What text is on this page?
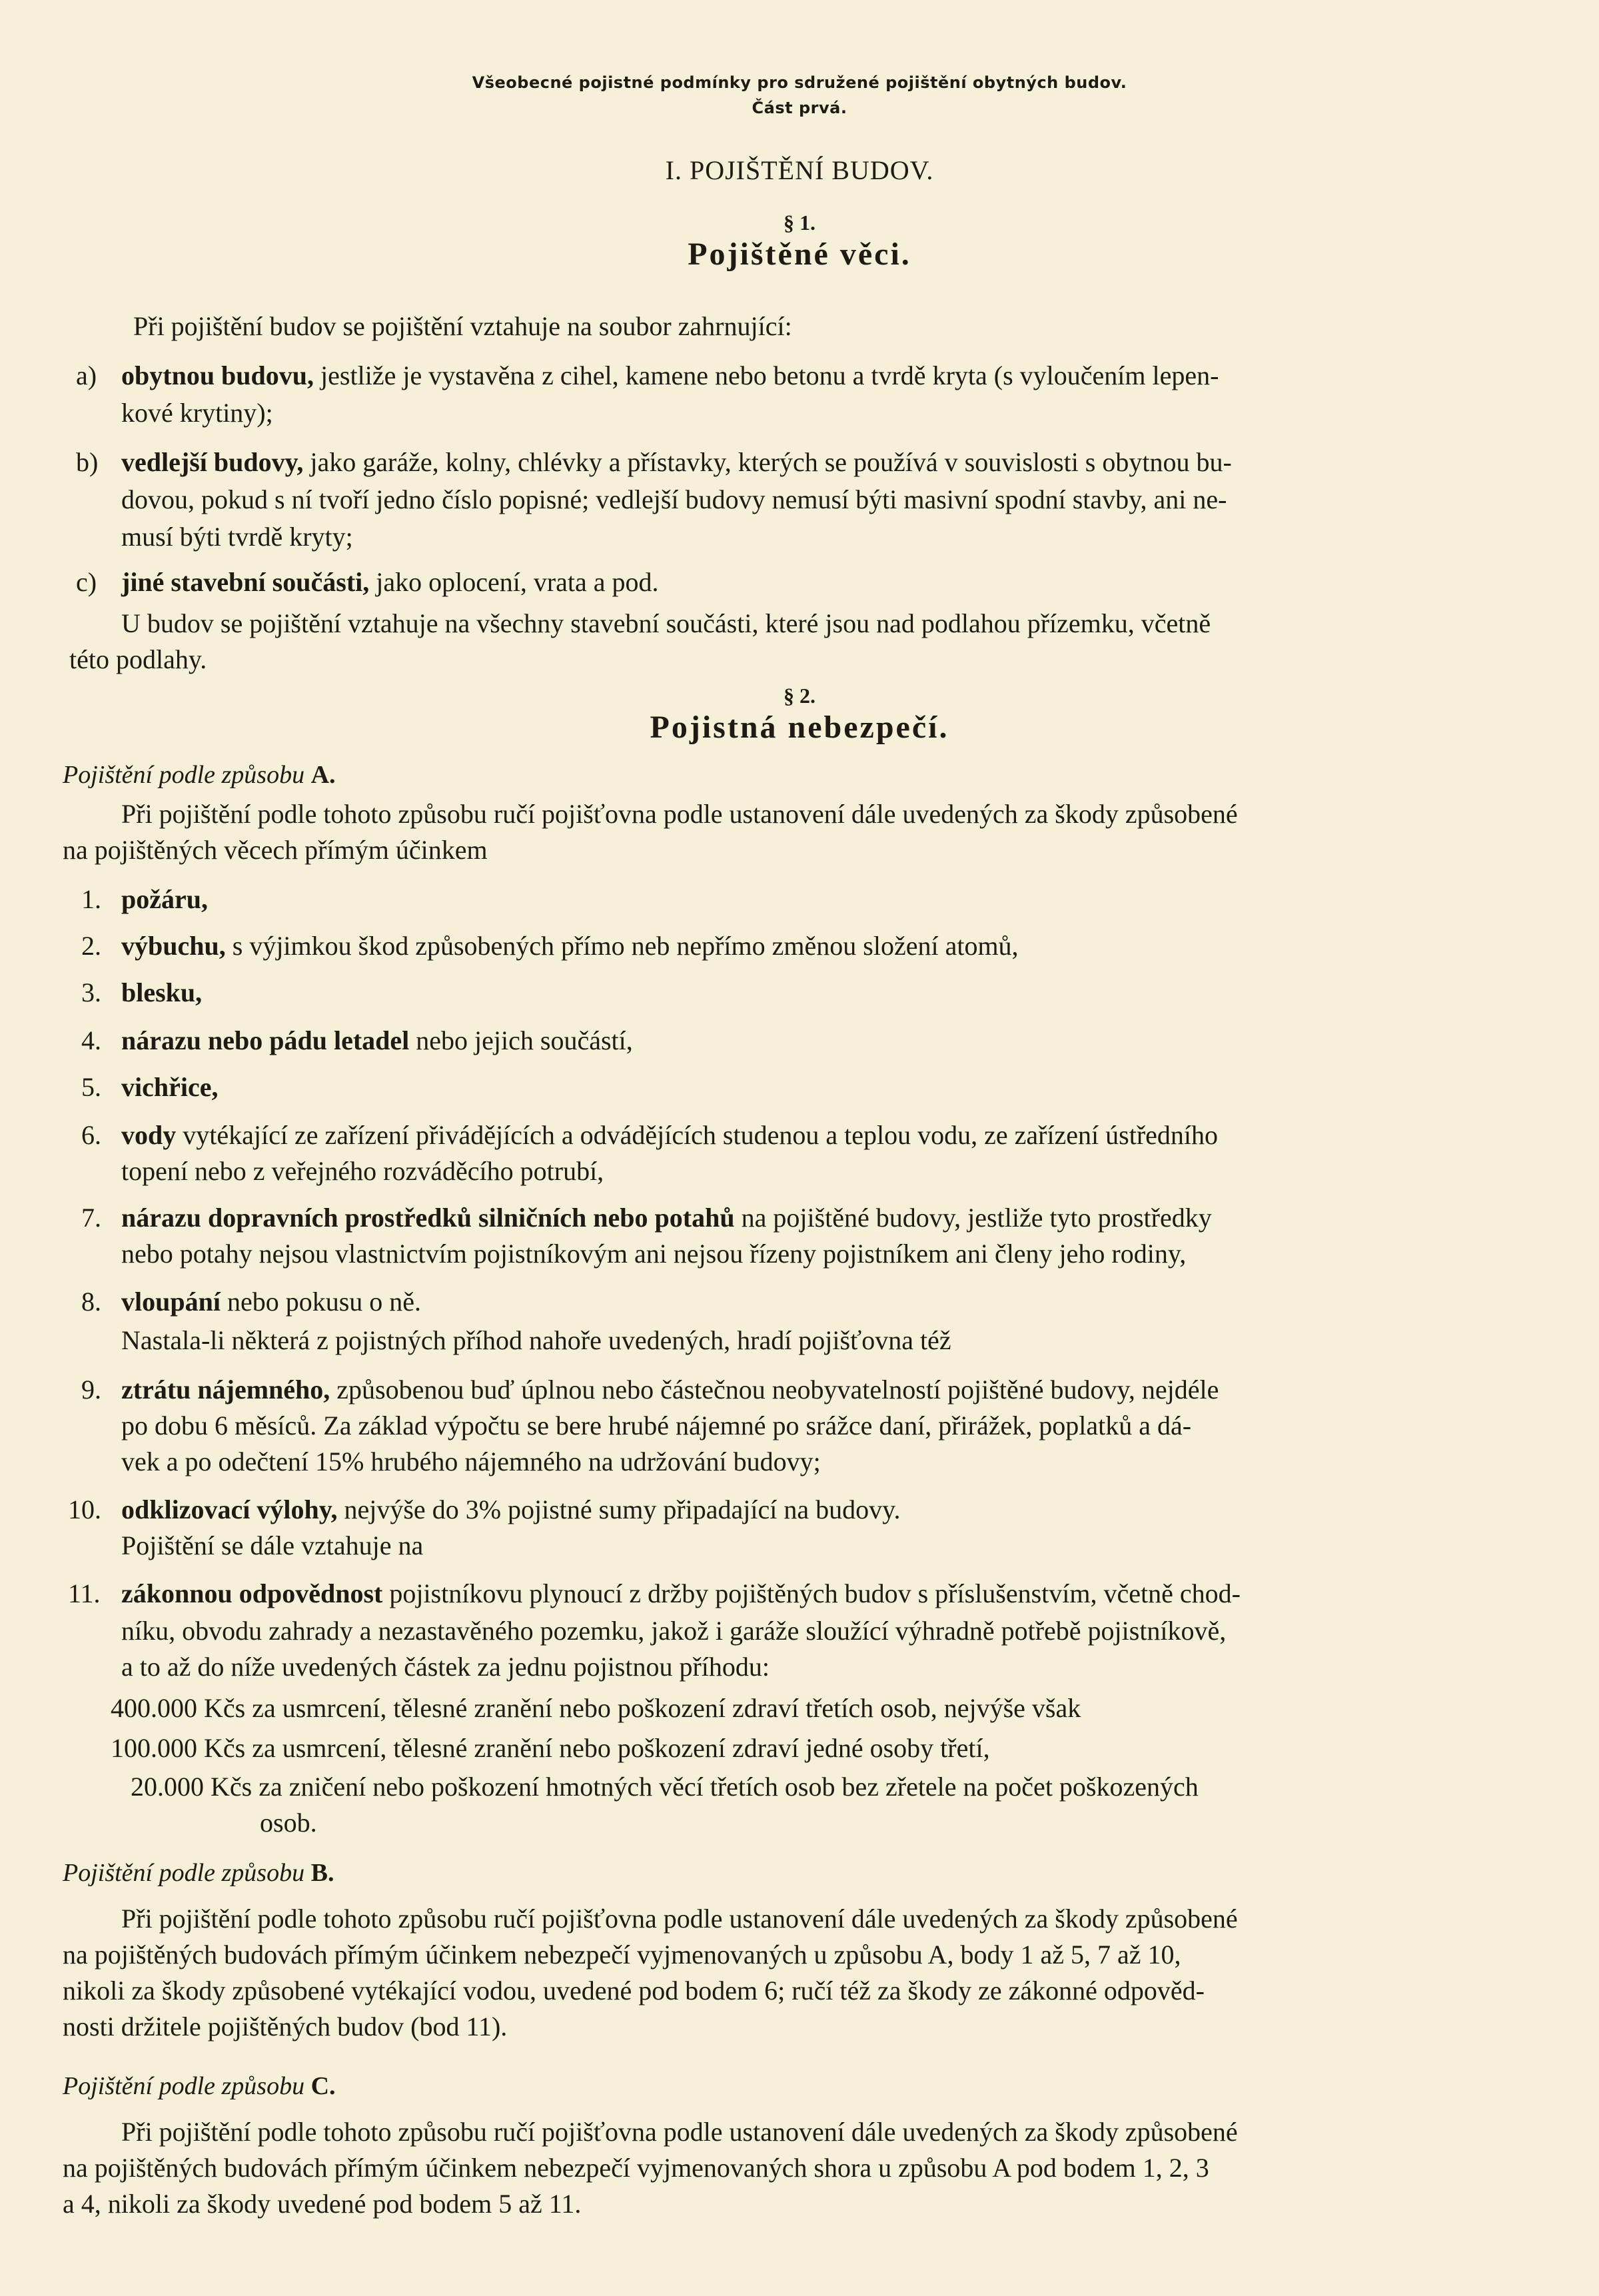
Všeobecné pojistné podmínky pro sdružené pojištění obytných budov.
Část prvá.
I. POJIŠTĚNÍ BUDOV.
§ 1.
Pojištěné věci.
Při pojištění budov se pojištění vztahuje na soubor zahrnující:
a) obytnou budovu, jestliže je vystavěna z cihel, kamene nebo betonu a tvrdě kryta (s vyloučením lepen-
kové krytiny);
b) vedlejší budovy, jako garáže, kolny, chlévky a přístavky, kterých se používá v souvislosti s obytnou bu-
dovou, pokud s ní tvoří jedno číslo popisné; vedlejší budovy nemusí býti masivní spodní stavby, ani ne-
musí býti tvrdě kryty;
c) jiné stavební součásti, jako oplocení, vrata a pod.
U budov se pojištění vztahuje na všechny stavební součásti, které jsou nad podlahou přízemku, včetně
této podlahy.
§ 2.
Pojistná nebezpečí.
Pojištění podle způsobu A.
Při pojištění podle tohoto způsobu ručí pojišťovna podle ustanovení dále uvedených za škody způsobené
na pojištěných věcech přímým účinkem
1. požáru,
2. výbuchu, s výjimkou škod způsobených přímo neb nepřímo změnou složení atomů,
3. blesku,
4. nárazu nebo pádu letadel nebo jejich součástí,
5. vichřice,
6. vody vytékající ze zařízení přivádějících a odvádějících studenou a teplou vodu, ze zařízení ústředního
topení nebo z veřejného rozváděcího potrubí,
7. nárazu dopravních prostředků silničních nebo potahů na pojištěné budovy, jestliže tyto prostředky
nebo potahy nejsou vlastnictvím pojistníkovým ani nejsou řízeny pojistníkem ani členy jeho rodiny,
8. vloupání nebo pokusu o ně.
Nastala-li některá z pojistných příhod nahoře uvedených, hradí pojišťovna též
9. ztrátu nájemného, způsobenou buď úplnou nebo částečnou neobyvatelností pojištěné budovy, nejdéle
po dobu 6 měsíců. Za základ výpočtu se bere hrubé nájemné po srážce daní, přirážek, poplatků a dá-
vek a po odečtení 15% hrubého nájemného na udržování budovy;
10. odklizovací výlohy, nejvýše do 3% pojistné sumy připadající na budovy.
Pojištění se dále vztahuje na
11. zákonnou odpovědnost pojistníkovu plynoucí z držby pojištěných budov s příslušenstvím, včetně chod-
níku, obvodu zahrady a nezastavěného pozemku, jakož i garáže sloužící výhradně potřebě pojistníkově,
a to až do níže uvedených částek za jednu pojistnou příhodu:
400.000 Kčs za usmrcení, tělesné zranění nebo poškození zdraví třetích osob, nejvýše však
100.000 Kčs za usmrcení, tělesné zranění nebo poškození zdraví jedné osoby třetí,
20.000 Kčs za zničení nebo poškození hmotných věcí třetích osob bez zřetele na počet poškozených
osob.
Pojištění podle způsobu B.
Při pojištění podle tohoto způsobu ručí pojišťovna podle ustanovení dále uvedených za škody způsobené
na pojištěných budovách přímým účinkem nebezpečí vyjmenovaných u způsobu A, body 1 až 5, 7 až 10,
nikoli za škody způsobené vytékající vodou, uvedené pod bodem 6; ručí též za škody ze zákonné odpověd-
nosti držitele pojištěných budov (bod 11).
Pojištění podle způsobu C.
Při pojištění podle tohoto způsobu ručí pojišťovna podle ustanovení dále uvedených za škody způsobené
na pojištěných budovách přímým účinkem nebezpečí vyjmenovaných shora u způsobu A pod bodem 1, 2, 3
a 4, nikoli za škody uvedené pod bodem 5 až 11.
